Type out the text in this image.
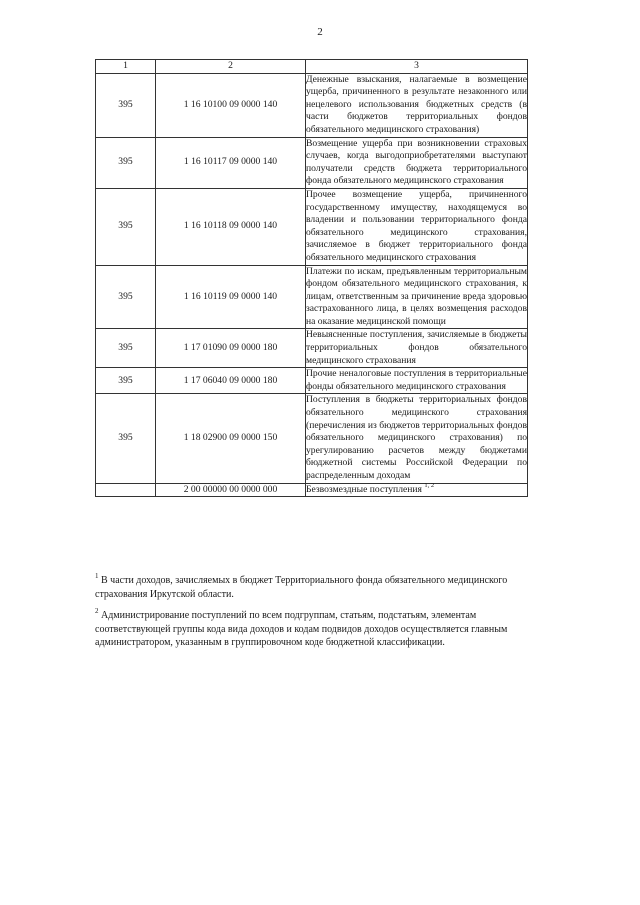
2
1	2	3
395	1 16 10100 09 0000 140	Денежные взыскания, налагаемые в возмещение ущерба, причиненного в результате незаконного или нецелевого использования бюджетных средств (в части бюджетов территориальных фондов обязательного медицинского страхования)
395	1 16 10117 09 0000 140	Возмещение ущерба при возникновении страховых случаев, когда выгодоприобретателями выступают получатели средств бюджета территориального фонда обязательного медицинского страхования
395	1 16 10118 09 0000 140	Прочее возмещение ущерба, причиненного государственному имуществу, находящемуся во владении и пользовании территориального фонда обязательного медицинского страхования, зачисляемое в бюджет территориального фонда обязательного медицинского страхования
395	1 16 10119 09 0000 140	Платежи по искам, предъявленным территориальным фондом обязательного медицинского страхования, к лицам, ответственным за причинение вреда здоровью застрахованного лица, в целях возмещения расходов на оказание медицинской помощи
395	1 17 01090 09 0000 180	Невыясненные поступления, зачисляемые в бюджеты территориальных фондов обязательного медицинского страхования
395	1 17 06040 09 0000 180	Прочие неналоговые поступления в территориальные фонды обязательного медицинского страхования
395	1 18 02900 09 0000 150	Поступления в бюджеты территориальных фондов обязательного медицинского страхования (перечисления из бюджетов территориальных фондов обязательного медицинского страхования) по урегулированию расчетов между бюджетами бюджетной системы Российской Федерации по распределенным доходам
	2 00 00000 00 0000 000	Безвозмездные поступления $^{1, 2}$

$^1$ В части доходов, зачисляемых в бюджет Территориального фонда обязательного медицинского страхования Иркутской области.

$^2$ Администрирование поступлений по всем подгруппам, статьям, подстатьям, элементам соответствующей группы кода вида доходов и кодам подвидов доходов осуществляется главным администратором, указанным в группировочном коде бюджетной классификации.
